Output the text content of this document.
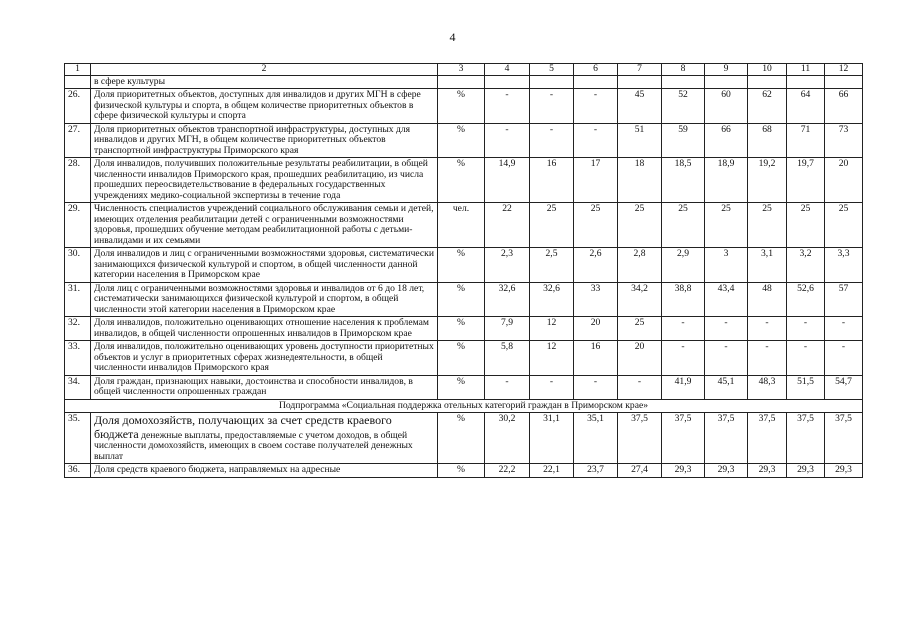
4
1	2	3	4	5	6	7	8	9	10	11	12
	в сфере культуры										
26.	Доля приоритетных объектов, доступных для инвалидов и других МГН в сфере физической культуры и спорта, в общем количестве приоритетных объектов в сфере физической культуры и спорта	%	-	-	-	45	52	60	62	64	66
27.	Доля приоритетных объектов транспортной инфраструктуры, доступных для инвалидов и других МГН, в общем количестве приоритетных объектов транспортной инфраструктуры Приморского края	%	-	-	-	51	59	66	68	71	73
28.	Доля инвалидов, получивших положительные результаты реабилитации, в общей численности инвалидов Приморского края, прошедших реабилитацию, из числа прошедших переосвидетельствование в федеральных государственных учреждениях медико-социальной экспертизы в течение года	%	14,9	16	17	18	18,5	18,9	19,2	19,7	20
29.	Численность специалистов учреждений социального обслуживания семьи и детей, имеющих отделения реабилитации детей с ограниченными возможностями здоровья, прошедших обучение методам реабилитационной работы с детьми-инвалидами и их семьями	чел.	22	25	25	25	25	25	25	25	25
30.	Доля инвалидов и лиц с ограниченными возможностями здоровья, систематически занимающихся физической культурой и спортом, в общей численности данной категории населения в Приморском крае	%	2,3	2,5	2,6	2,8	2,9	3	3,1	3,2	3,3
31.	Доля лиц с ограниченными возможностями здоровья и инвалидов от 6 до 18 лет, систематически занимающихся физической культурой и спортом, в общей численности этой категории населения в Приморском крае	%	32,6	32,6	33	34,2	38,8	43,4	48	52,6	57
32.	Доля инвалидов, положительно оценивающих отношение населения к проблемам инвалидов, в общей численности опрошенных инвалидов в Приморском крае	%	7,9	12	20	25	-	-	-	-	-
33.	Доля инвалидов, положительно оценивающих уровень доступности приоритетных объектов и услуг в приоритетных сферах жизнедеятельности, в общей численности инвалидов Приморского края	%	5,8	12	16	20	-	-	-	-	-
34.	Доля граждан, признающих навыки, достоинства и способности инвалидов, в общей численности опрошенных граждан	%	-	-	-	-	41,9	45,1	48,3	51,5	54,7
Подпрограмма «Социальная поддержка отельных категорий граждан в Приморском крае»											
35.	Доля домохозяйств, получающих за счет средств краевого бюджета денежные выплаты, предоставляемые с учетом доходов, в общей численности домохозяйств, имеющих в своем составе получателей денежных выплат	%	30,2	31,1	35,1	37,5	37,5	37,5	37,5	37,5	37,5
36.	Доля средств краевого бюджета, направляемых на адресные	%	22,2	22,1	23,7	27,4	29,3	29,3	29,3	29,3	29,3
